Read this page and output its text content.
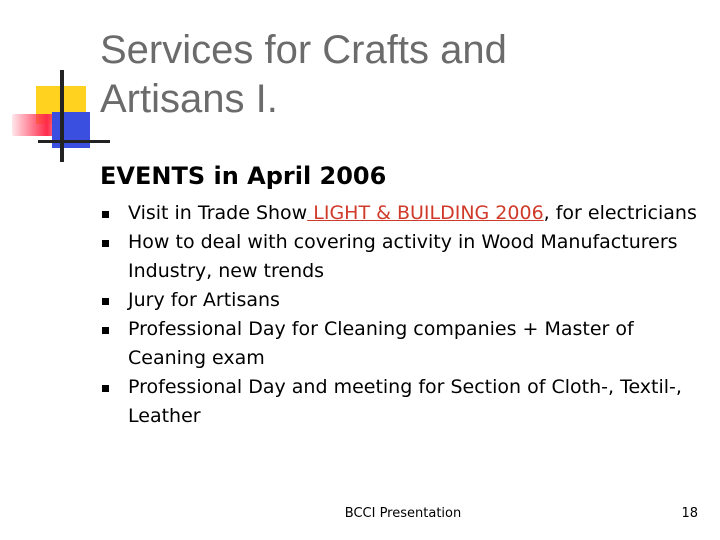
Services for Crafts and
Artisans I.
EVENTS in April 2006
Visit in Trade Show LIGHT & BUILDING 2006, for electricians
How to deal with covering activity in Wood Manufacturers Industry, new trends
Jury for Artisans
Professional Day for Cleaning companies + Master of Ceaning exam
Professional Day and meeting for Section of Cloth-, Textil-, Leather
BCCI Presentation	18
